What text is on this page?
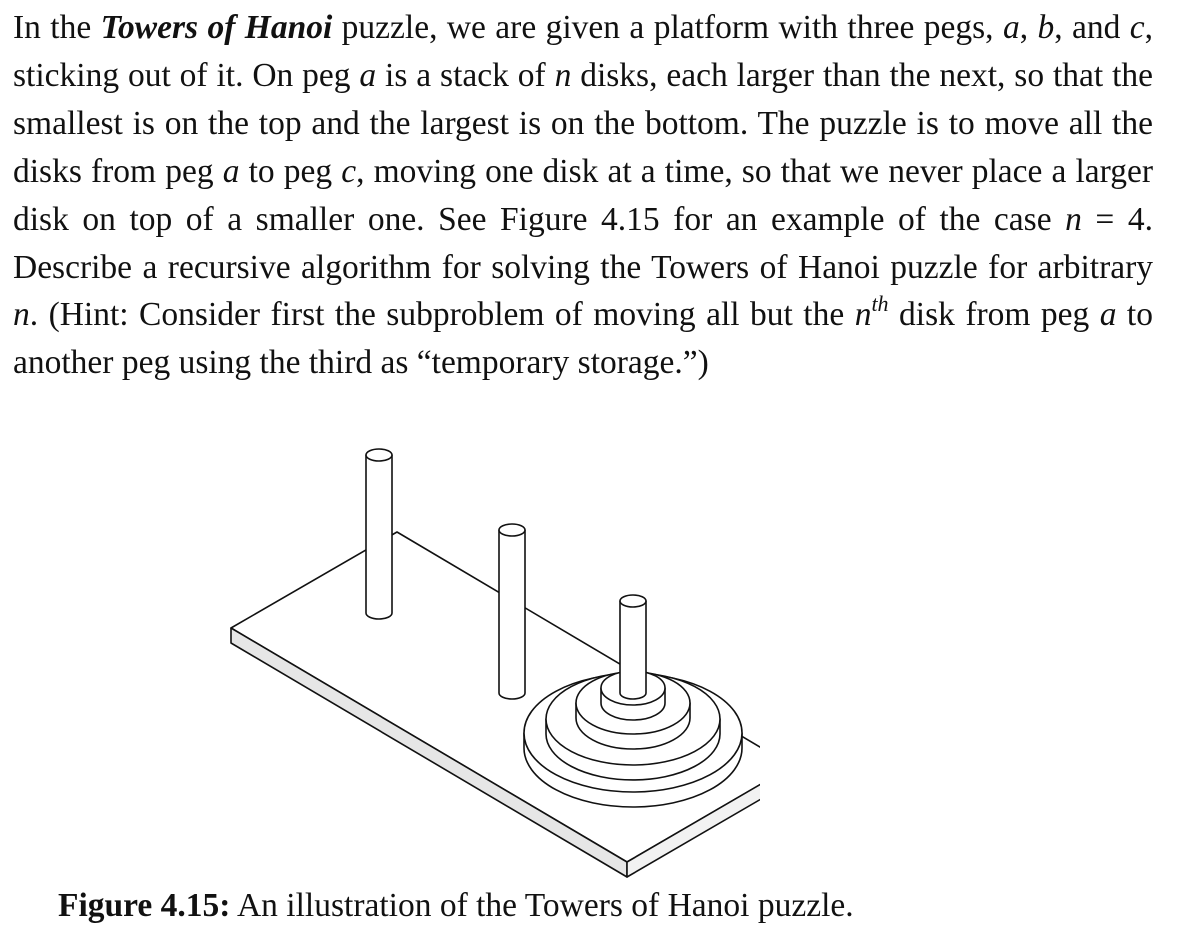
In the Towers of Hanoi puzzle, we are given a platform with three pegs, a, b, and c, sticking out of it. On peg a is a stack of n disks, each larger than the next, so that the smallest is on the top and the largest is on the bottom. The puzzle is to move all the disks from peg a to peg c, moving one disk at a time, so that we never place a larger disk on top of a smaller one. See Figure 4.15 for an example of the case n = 4. Describe a recursive algorithm for solving the Towers of Hanoi puzzle for arbitrary n. (Hint: Consider first the subproblem of moving all but the $n^{th}$ disk from peg a to another peg using the third as “temporary storage.”)

Figure 4.15: An illustration of the Towers of Hanoi puzzle.
